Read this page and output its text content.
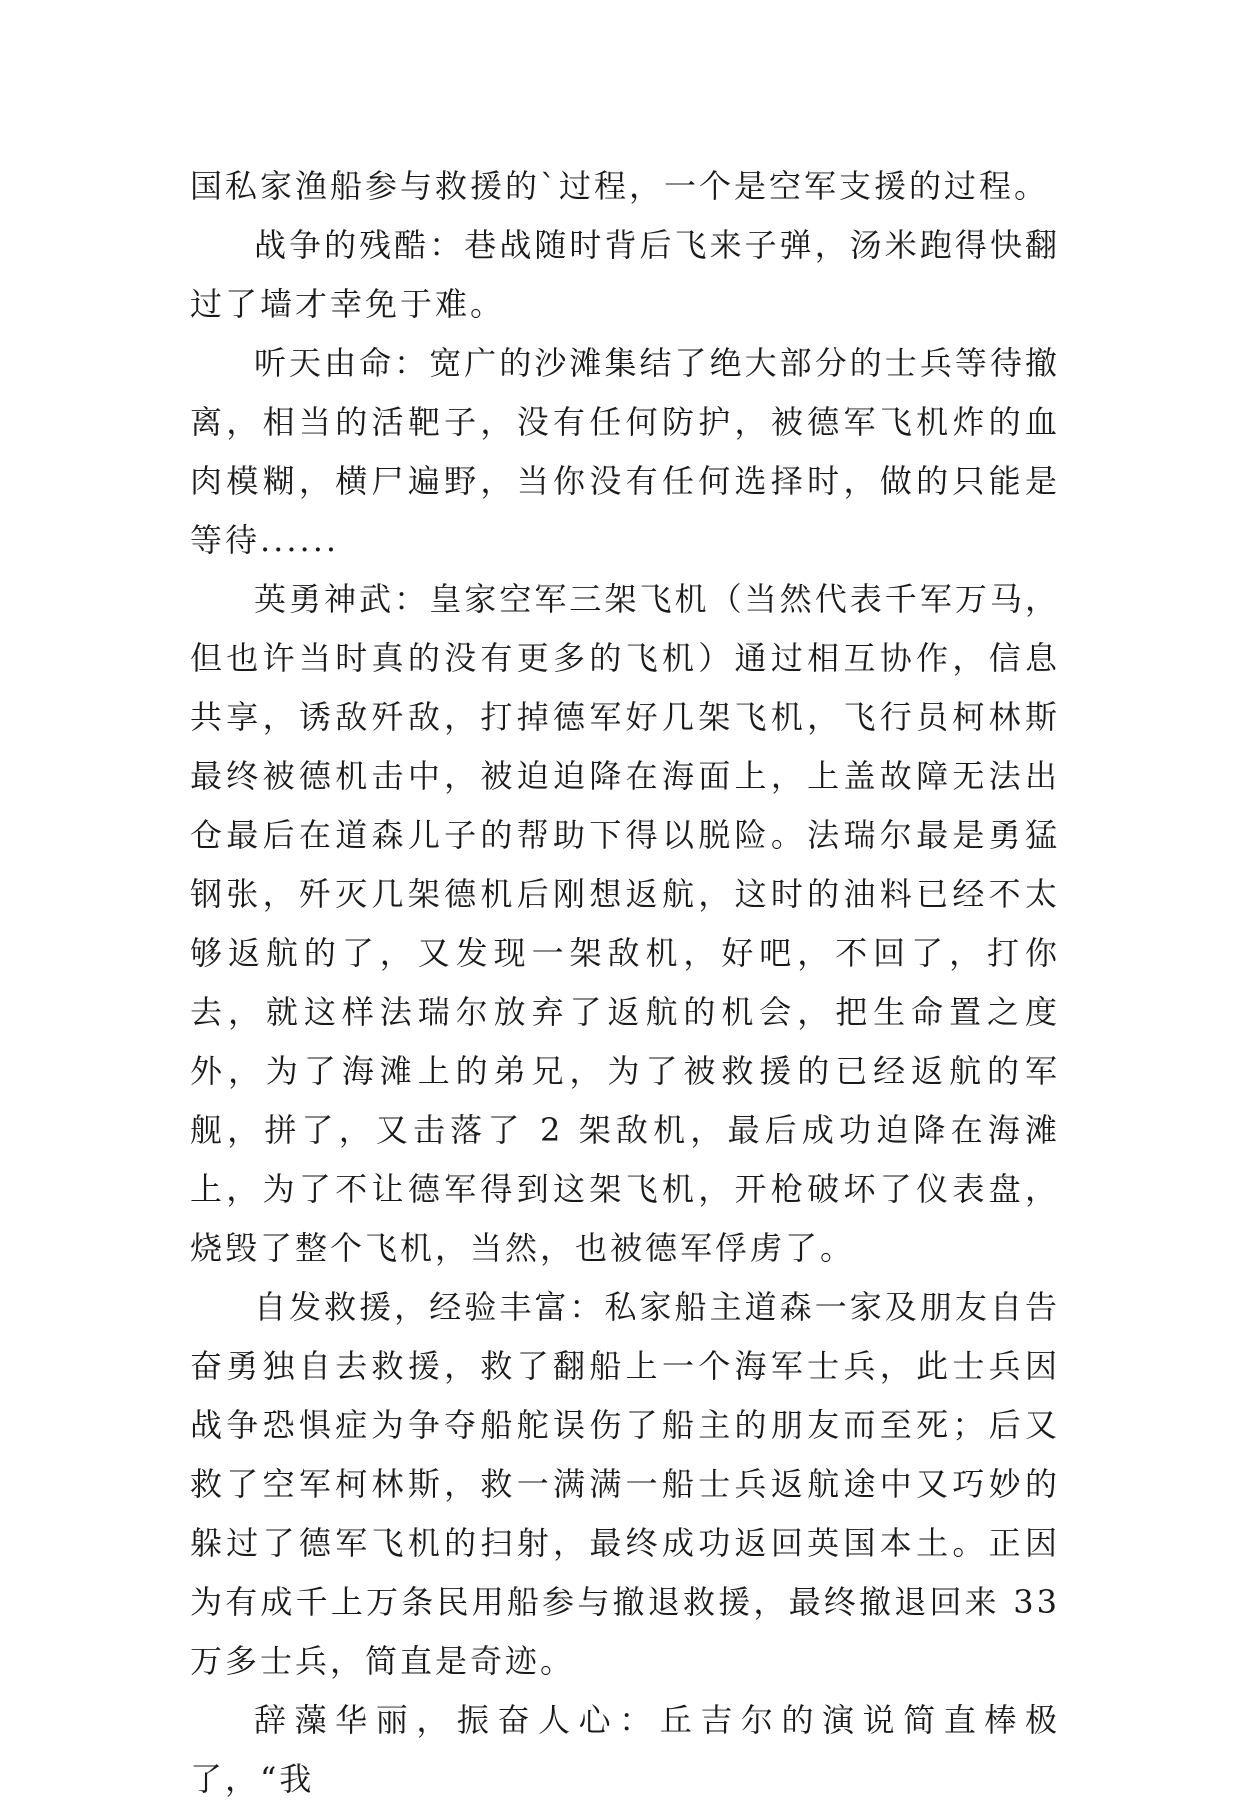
国私家渔船参与救援的`过程，一个是空军支援的过程。

战争的残酷：巷战随时背后飞来子弹，汤米跑得快翻过了墙才幸免于难。

听天由命：宽广的沙滩集结了绝大部分的士兵等待撤离，相当的活靶子，没有任何防护，被德军飞机炸的血肉模糊，横尸遍野，当你没有任何选择时，做的只能是等待......

英勇神武：皇家空军三架飞机（当然代表千军万马，但也许当时真的没有更多的飞机）通过相互协作，信息共享，诱敌歼敌，打掉德军好几架飞机，飞行员柯林斯最终被德机击中，被迫迫降在海面上，上盖故障无法出仓最后在道森儿子的帮助下得以脱险。法瑞尔最是勇猛钢张，歼灭几架德机后刚想返航，这时的油料已经不太够返航的了，又发现一架敌机，好吧，不回了，打你去，就这样法瑞尔放弃了返航的机会，把生命置之度外，为了海滩上的弟兄，为了被救援的已经返航的军舰，拼了，又击落了 2 架敌机，最后成功迫降在海滩上，为了不让德军得到这架飞机，开枪破坏了仪表盘，烧毁了整个飞机，当然，也被德军俘虏了。

自发救援，经验丰富：私家船主道森一家及朋友自告奋勇独自去救援，救了翻船上一个海军士兵，此士兵因战争恐惧症为争夺船舵误伤了船主的朋友而至死；后又救了空军柯林斯，救一满满一船士兵返航途中又巧妙的躲过了德军飞机的扫射，最终成功返回英国本土。正因为有成千上万条民用船参与撤退救援，最终撤退回来 33 万多士兵，简直是奇迹。

辞藻华丽，振奋人心：丘吉尔的演说简直棒极了，“我
